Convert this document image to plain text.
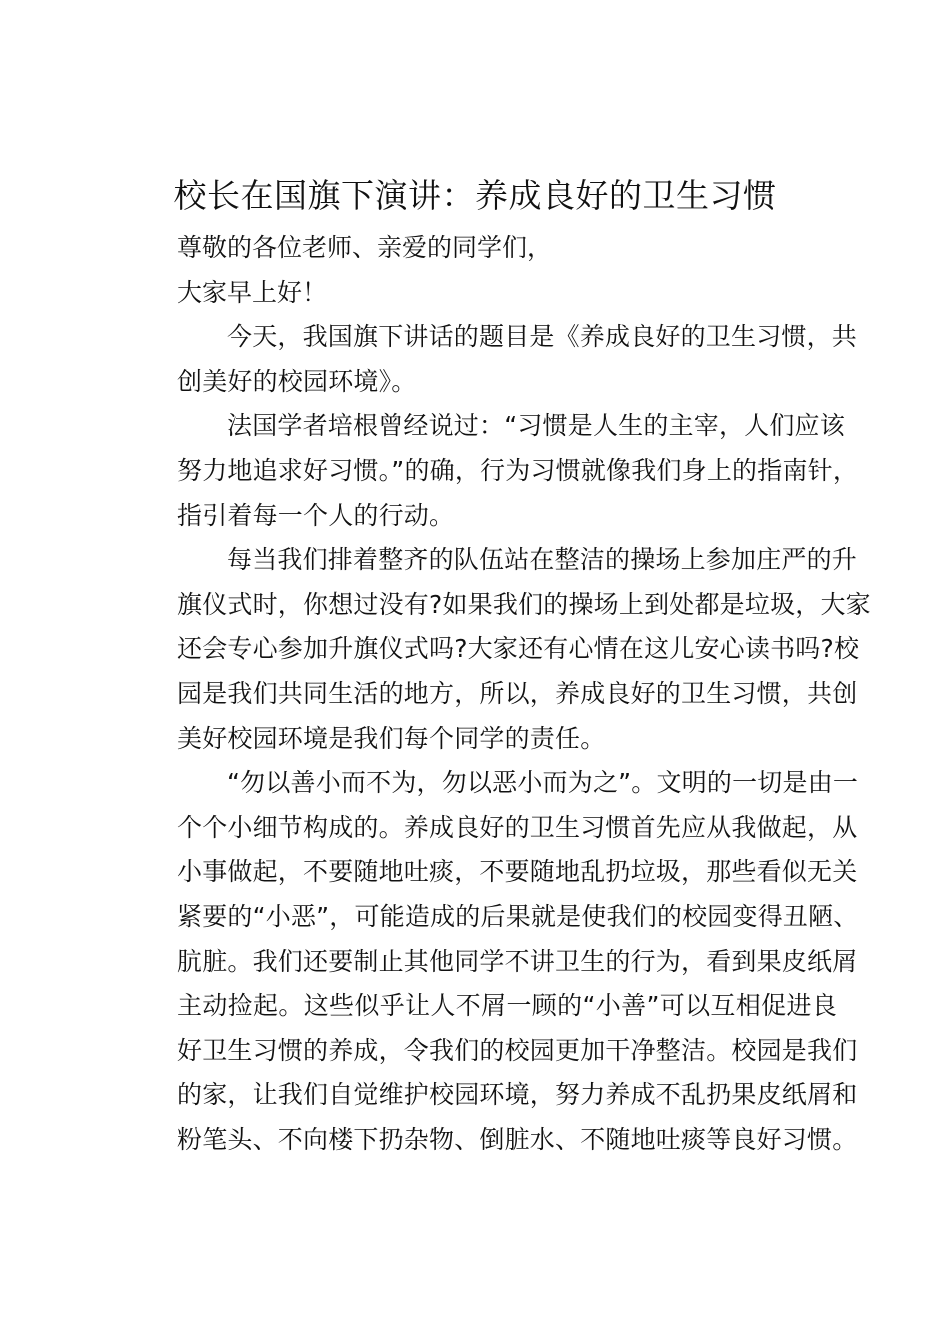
校长在国旗下演讲：养成良好的卫生习惯
尊敬的各位老师、亲爱的同学们，
大家早上好！
今天，我国旗下讲话的题目是《养成良好的卫生习惯，共
创美好的校园环境》。
法国学者培根曾经说过：“习惯是人生的主宰，人们应该
努力地追求好习惯。”的确，行为习惯就像我们身上的指南针，
指引着每一个人的行动。
每当我们排着整齐的队伍站在整洁的操场上参加庄严的升
旗仪式时，你想过没有?如果我们的操场上到处都是垃圾，大家
还会专心参加升旗仪式吗?大家还有心情在这儿安心读书吗?校
园是我们共同生活的地方，所以，养成良好的卫生习惯，共创
美好校园环境是我们每个同学的责任。
“勿以善小而不为，勿以恶小而为之”。文明的一切是由一
个个小细节构成的。养成良好的卫生习惯首先应从我做起，从
小事做起，不要随地吐痰，不要随地乱扔垃圾，那些看似无关
紧要的“小恶”，可能造成的后果就是使我们的校园变得丑陋、
肮脏。我们还要制止其他同学不讲卫生的行为，看到果皮纸屑
主动捡起。这些似乎让人不屑一顾的“小善”可以互相促进良
好卫生习惯的养成，令我们的校园更加干净整洁。校园是我们
的家，让我们自觉维护校园环境，努力养成不乱扔果皮纸屑和
粉笔头、不向楼下扔杂物、倒脏水、不随地吐痰等良好习惯。
